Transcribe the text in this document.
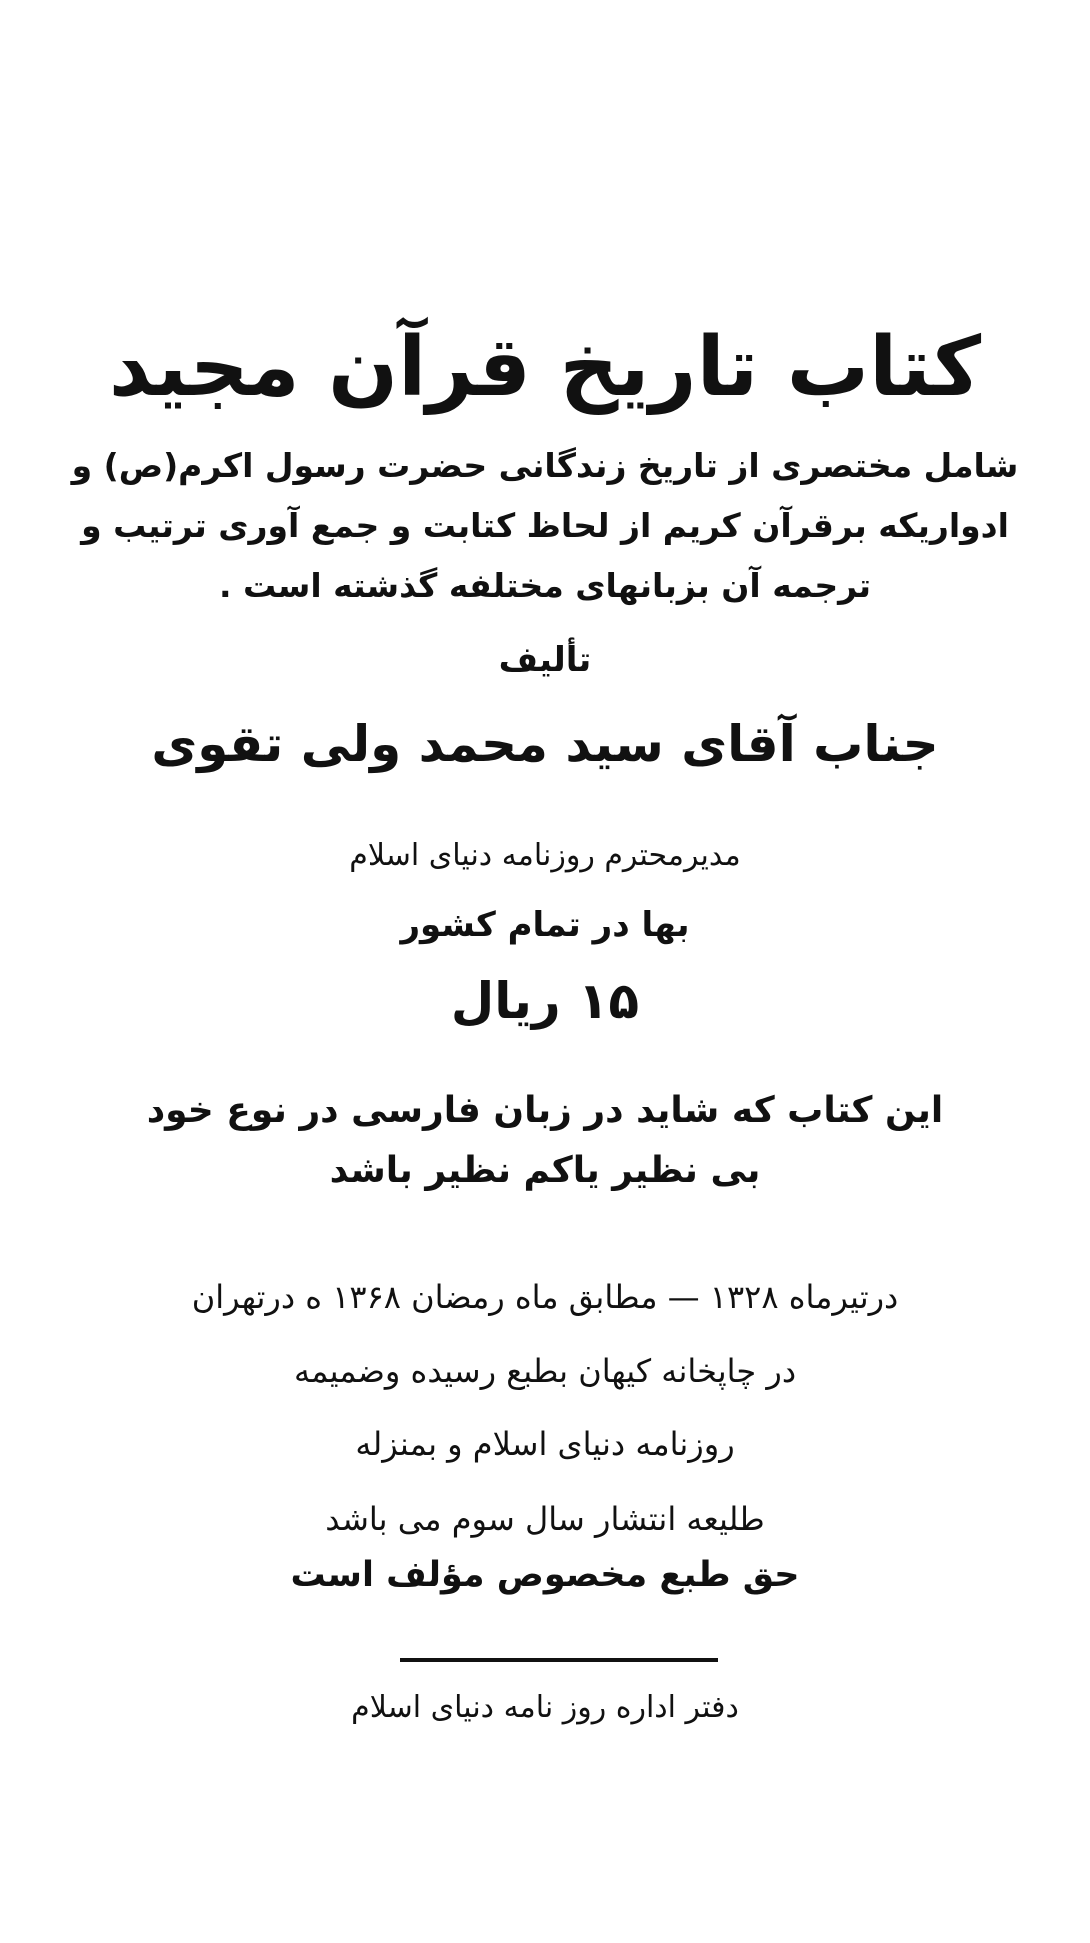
کتاب تاریخ قرآن مجید
شامل مختصری از تاریخ زندگانی حضرت رسول اکرم(ص) و
ادواریکه برقرآن کریم از لحاظ کتابت و جمع آوری ترتیب و
ترجمه آن بزبانهای مختلفه گذشته است .
تألیف
جناب آقای سید محمد ولی تقوی
مدیرمحترم روزنامه دنیای اسلام
بها در تمام کشور
۱۵ ریال
این کتاب که شاید در زبان فارسی در نوع خود
بی نظیر یاکم نظیر باشد
درتیرماه ۱۳۲۸ — مطابق ماه رمضان ۱۳۶۸ ه درتهران
در چاپخانه کیهان بطبع رسیده وضمیمه
روزنامه دنیای اسلام و بمنزله
طلیعه انتشار سال سوم می باشد
حق طبع مخصوص مؤلف است
دفتر اداره روز نامه دنیای اسلام
